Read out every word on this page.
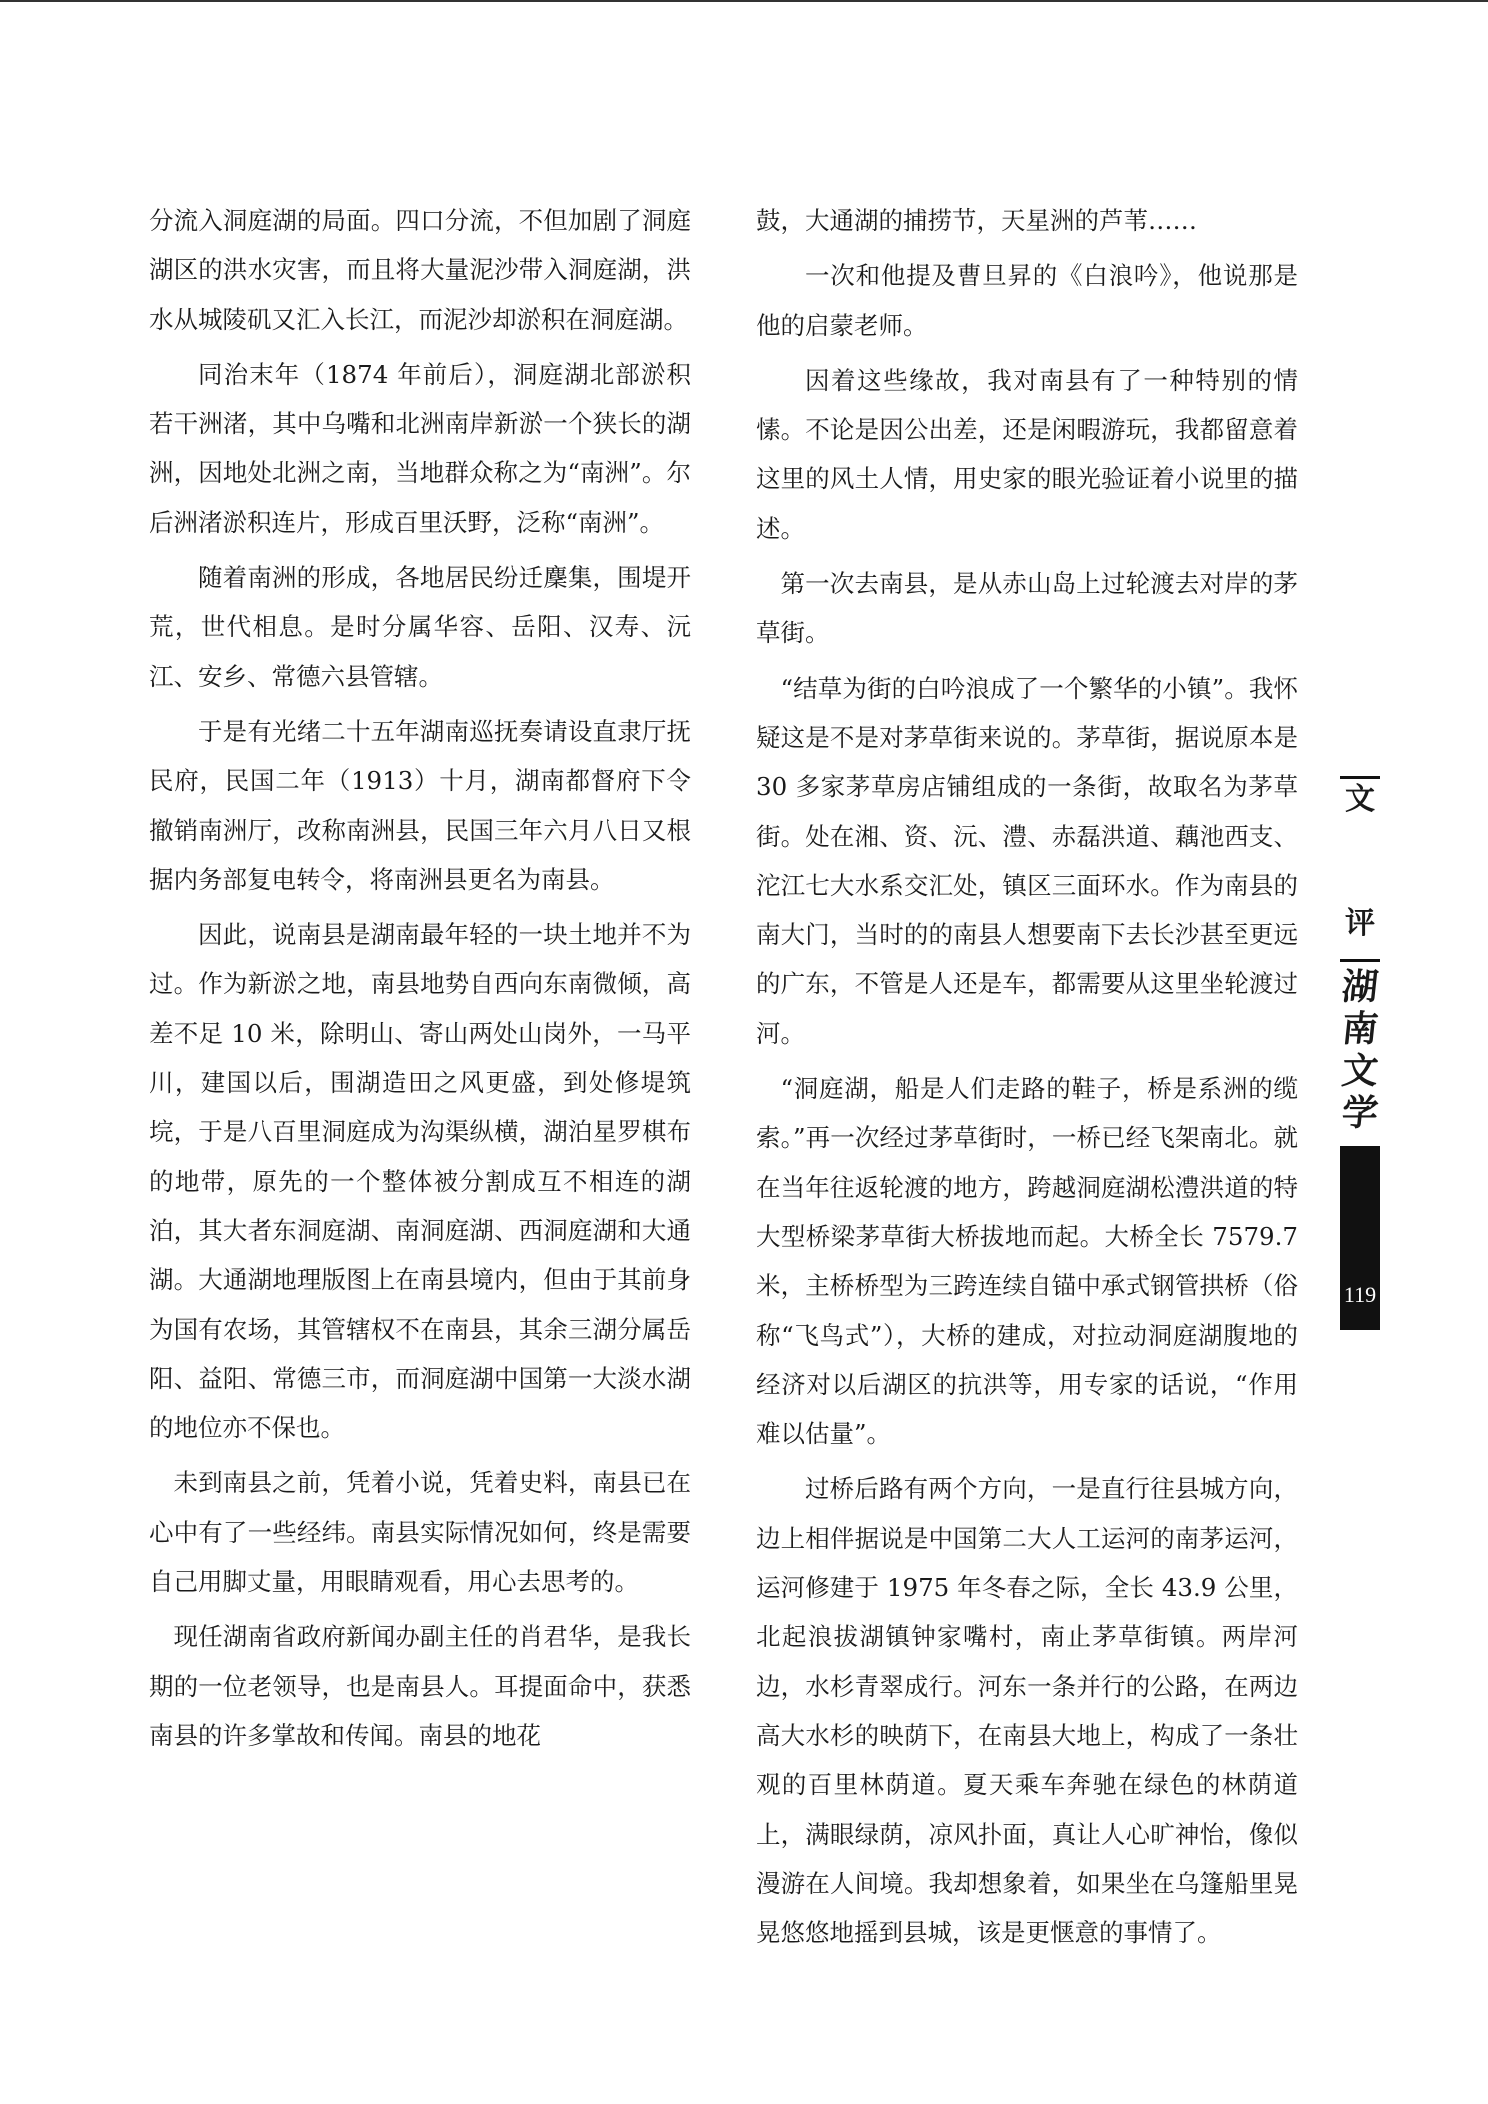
分流入洞庭湖的局面。四口分流，不但加剧了洞庭湖区的洪水灾害，而且将大量泥沙带入洞庭湖，洪水从城陵矶又汇入长江，而泥沙却淤积在洞庭湖。

同治末年（1874 年前后），洞庭湖北部淤积若干洲渚，其中乌嘴和北洲南岸新淤一个狭长的湖洲，因地处北洲之南，当地群众称之为“南洲”。尔后洲渚淤积连片，形成百里沃野，泛称“南洲”。

随着南洲的形成，各地居民纷迁麇集，围堤开荒，世代相息。是时分属华容、岳阳、汉寿、沅江、安乡、常德六县管辖。

于是有光绪二十五年湖南巡抚奏请设直隶厅抚民府，民国二年（1913）十月，湖南都督府下令撤销南洲厅，改称南洲县，民国三年六月八日又根据内务部复电转令，将南洲县更名为南县。

因此，说南县是湖南最年轻的一块土地并不为过。作为新淤之地，南县地势自西向东南微倾，高差不足 10 米，除明山、寄山两处山岗外，一马平川，建国以后，围湖造田之风更盛，到处修堤筑垸，于是八百里洞庭成为沟渠纵横，湖泊星罗棋布的地带，原先的一个整体被分割成互不相连的湖泊，其大者东洞庭湖、南洞庭湖、西洞庭湖和大通湖。大通湖地理版图上在南县境内，但由于其前身为国有农场，其管辖权不在南县，其余三湖分属岳阳、益阳、常德三市，而洞庭湖中国第一大淡水湖的地位亦不保也。

未到南县之前，凭着小说，凭着史料，南县已在心中有了一些经纬。南县实际情况如何，终是需要自己用脚丈量，用眼睛观看，用心去思考的。

现任湖南省政府新闻办副主任的肖君华，是我长期的一位老领导，也是南县人。耳提面命中，获悉南县的许多掌故和传闻。南县的地花

鼓，大通湖的捕捞节，天星洲的芦苇……

一次和他提及曹旦昇的《白浪吟》，他说那是他的启蒙老师。

因着这些缘故，我对南县有了一种特别的情愫。不论是因公出差，还是闲暇游玩，我都留意着这里的风土人情，用史家的眼光验证着小说里的描述。

第一次去南县，是从赤山岛上过轮渡去对岸的茅草街。

“结草为街的白吟浪成了一个繁华的小镇”。我怀疑这是不是对茅草街来说的。茅草街，据说原本是 30 多家茅草房店铺组成的一条街，故取名为茅草街。处在湘、资、沅、澧、赤磊洪道、藕池西支、沱江七大水系交汇处，镇区三面环水。作为南县的南大门，当时的的南县人想要南下去长沙甚至更远的广东，不管是人还是车，都需要从这里坐轮渡过河。

“洞庭湖，船是人们走路的鞋子，桥是系洲的缆索。”再一次经过茅草街时，一桥已经飞架南北。就在当年往返轮渡的地方，跨越洞庭湖松澧洪道的特大型桥梁茅草街大桥拔地而起。大桥全长 7579.7 米，主桥桥型为三跨连续自锚中承式钢管拱桥（俗称“飞鸟式”），大桥的建成，对拉动洞庭湖腹地的经济对以后湖区的抗洪等，用专家的话说，“作用难以估量”。

过桥后路有两个方向，一是直行往县城方向，边上相伴据说是中国第二大人工运河的南茅运河，运河修建于 1975 年冬春之际，全长 43.9 公里，北起浪拔湖镇钟家嘴村，南止茅草街镇。两岸河边，水杉青翠成行。河东一条并行的公路，在两边高大水杉的映荫下，在南县大地上，构成了一条壮观的百里林荫道。夏天乘车奔驰在绿色的林荫道上，满眼绿荫，凉风扑面，真让人心旷神怡，像似漫游在人间境。我却想象着，如果坐在乌篷船里晃晃悠悠地摇到县城，该是更惬意的事情了。

文
评
湖
南
文
学
119
